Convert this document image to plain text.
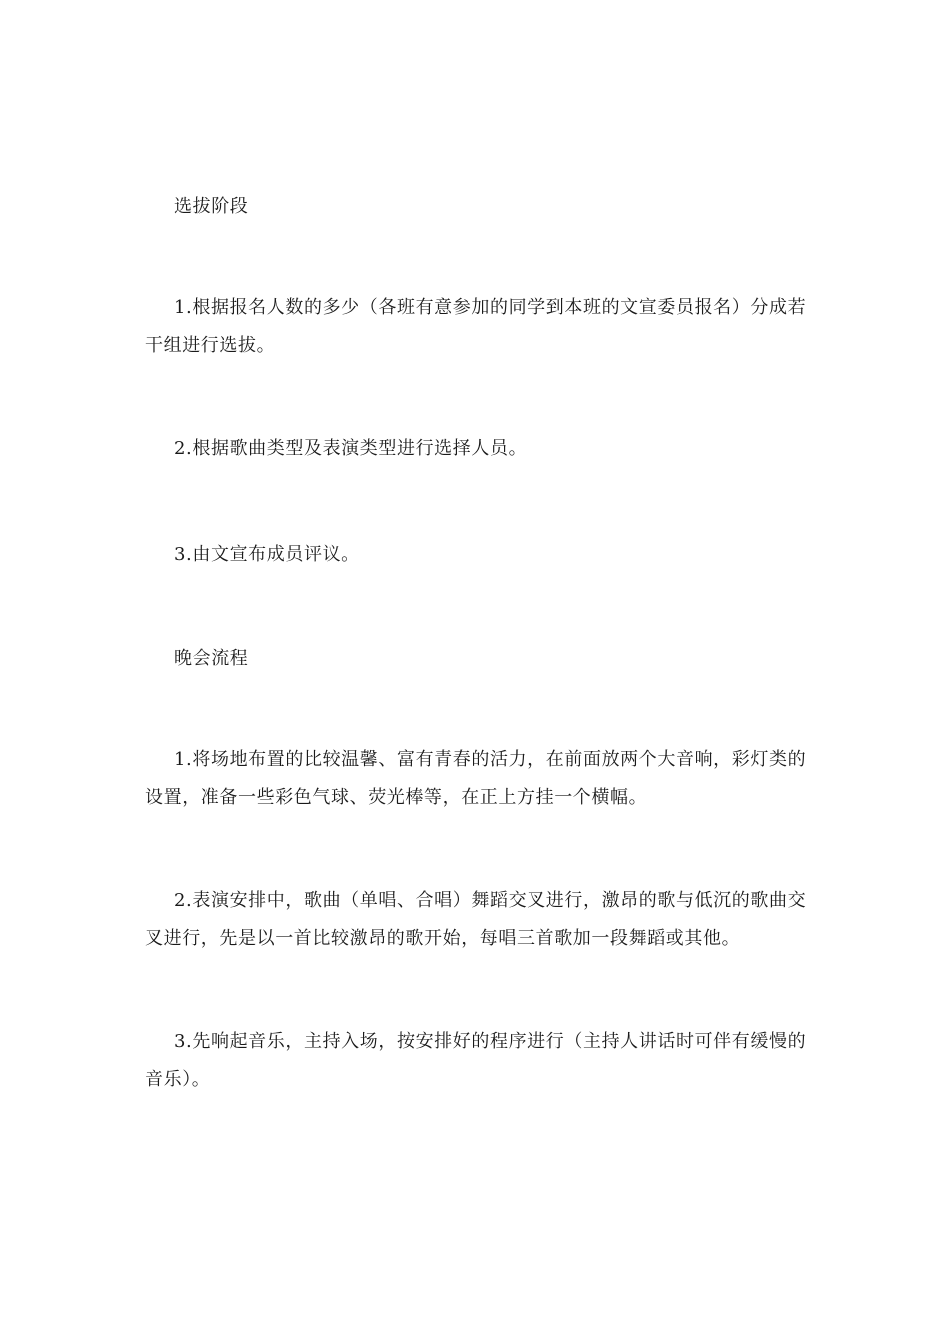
选拔阶段
1.根据报名人数的多少（各班有意参加的同学到本班的文宣委员报名）分成若干组进行选拔。
2.根据歌曲类型及表演类型进行选择人员。
3.由文宣布成员评议。
晚会流程
1.将场地布置的比较温馨、富有青春的活力，在前面放两个大音响，彩灯类的设置，准备一些彩色气球、荧光棒等，在正上方挂一个横幅。
2.表演安排中，歌曲（单唱、合唱）舞蹈交叉进行，激昂的歌与低沉的歌曲交叉进行，先是以一首比较激昂的歌开始，每唱三首歌加一段舞蹈或其他。
3.先响起音乐，主持入场，按安排好的程序进行（主持人讲话时可伴有缓慢的音乐）。
